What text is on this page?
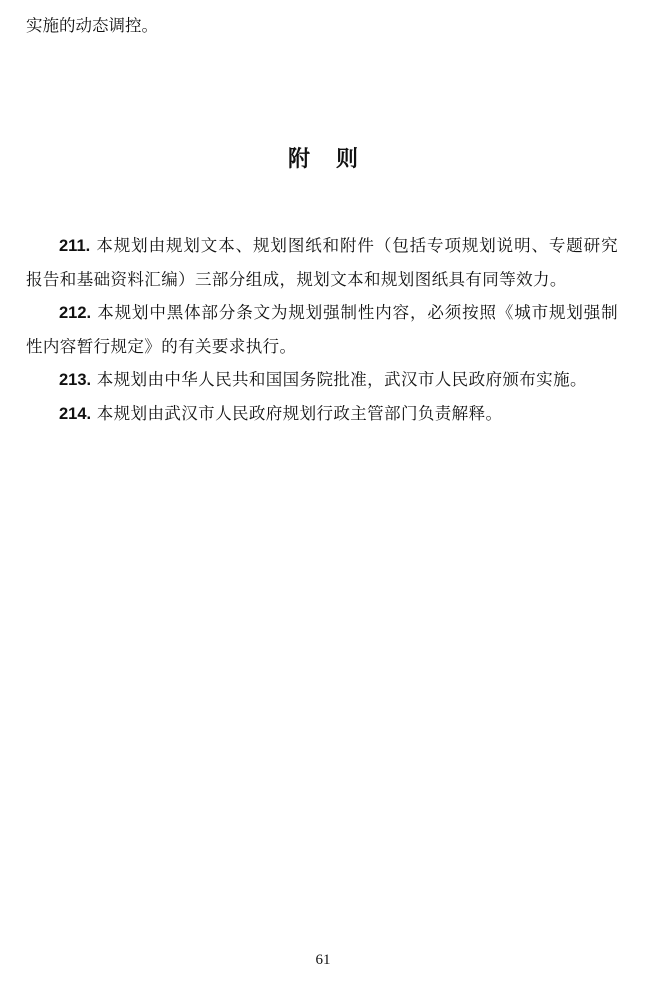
实施的动态调控。
附则

211. 本规划由规划文本、规划图纸和附件（包括专项规划说明、专题研究报告和基础资料汇编）三部分组成，规划文本和规划图纸具有同等效力。

212. 本规划中黑体部分条文为规划强制性内容，必须按照《城市规划强制性内容暂行规定》的有关要求执行。

213. 本规划由中华人民共和国国务院批准，武汉市人民政府颁布实施。

214. 本规划由武汉市人民政府规划行政主管部门负责解释。

61
